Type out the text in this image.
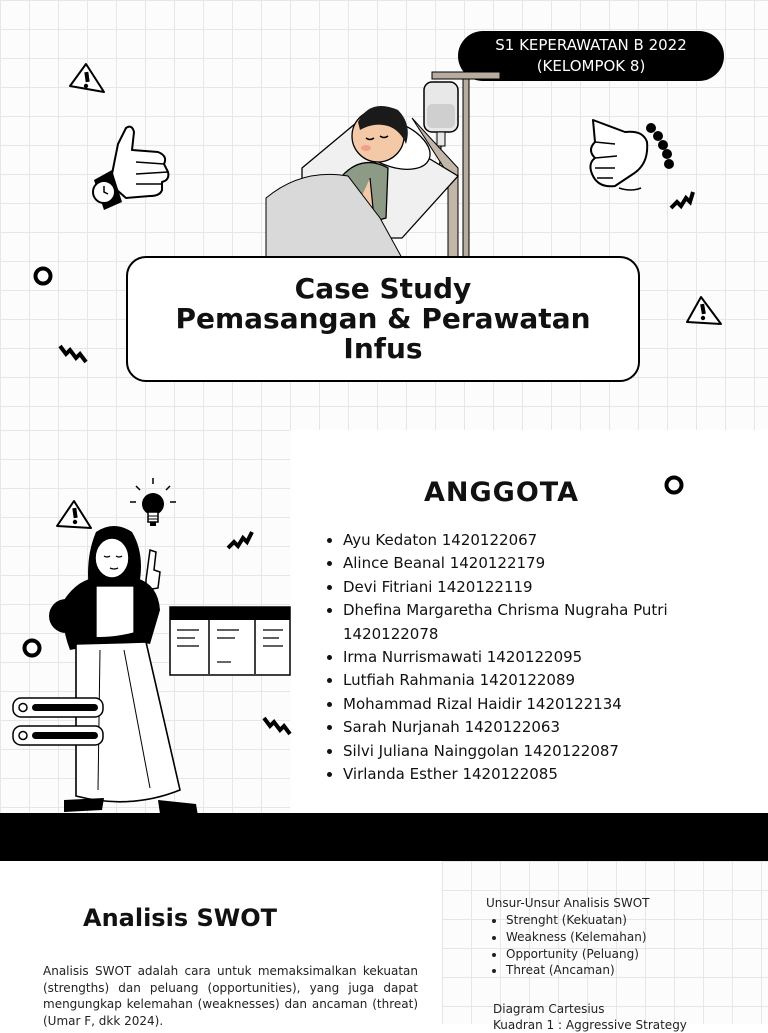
S1 KEPERAWATAN B 2022
(KELOMPOK 8)
Case Study
Pemasangan & Perawatan
Infus
ANGGOTA
• Ayu Kedaton 1420122067
• Alince Beanal 1420122179
• Devi Fitriani 1420122119
• Dhefina Margaretha Chrisma Nugraha Putri 1420122078
• Irma Nurrismawati 1420122095
• Lutfiah Rahmania 1420122089
• Mohammad Rizal Haidir 1420122134
• Sarah Nurjanah 1420122063
• Silvi Juliana Nainggolan 1420122087
• Virlanda Esther 1420122085
Analisis SWOT

Analisis SWOT adalah cara untuk memaksimalkan kekuatan (strengths) dan peluang (opportunities), yang juga dapat mengungkap kelemahan (weaknesses) dan ancaman (threat) (Umar F, dkk 2024).

Unsur-Unsur Analisis SWOT
• Strenght (Kekuatan)
• Weakness (Kelemahan)
• Opportunity (Peluang)
• Threat (Ancaman)
Diagram Cartesius
Kuadran 1 : Aggressive Strategy
